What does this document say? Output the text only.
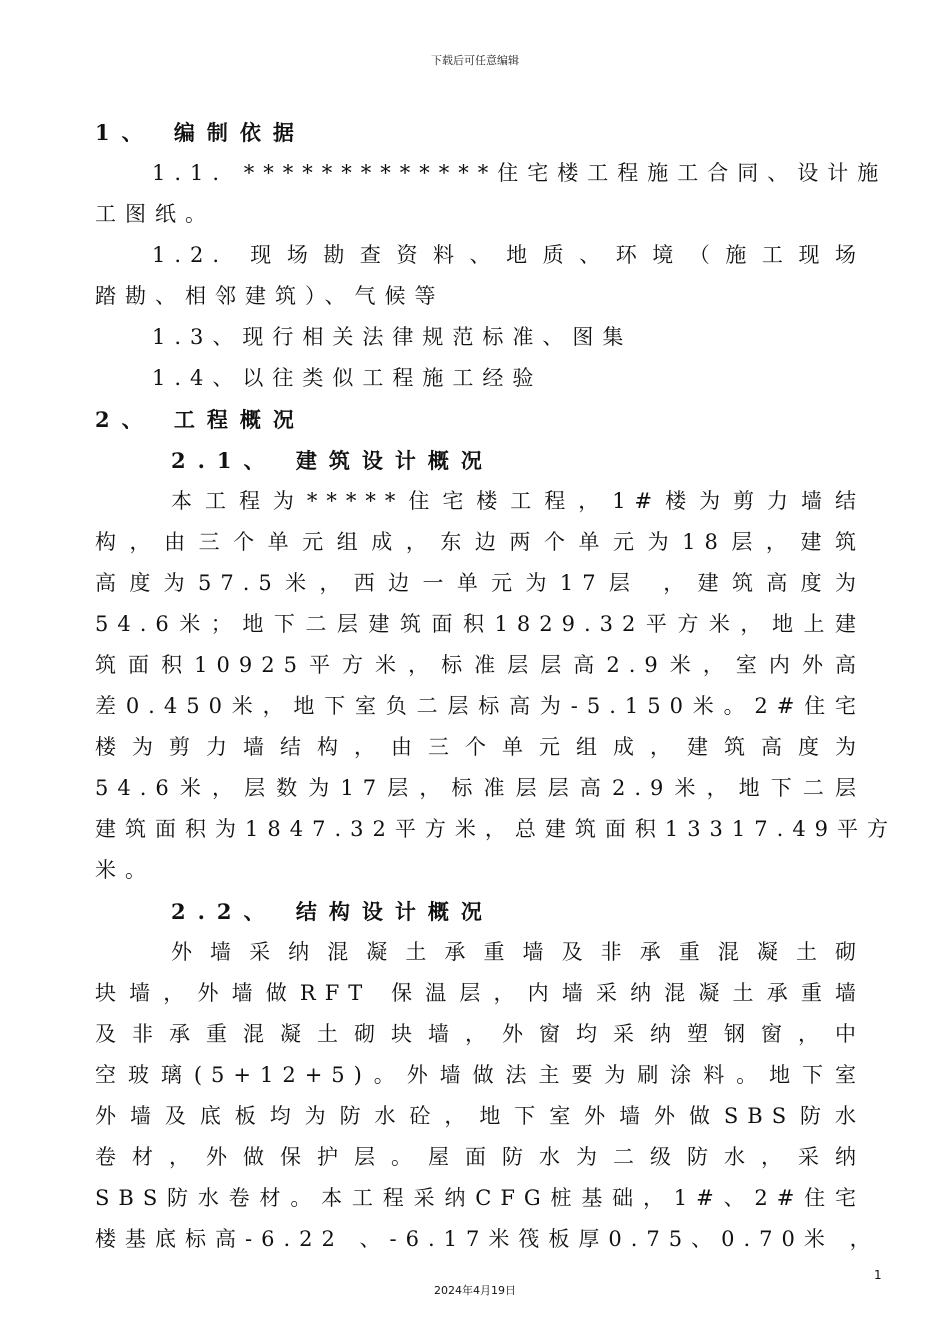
下载后可任意编辑
1、 编制依据
1.1. *************住宅楼工程施工合同、设计施
工图纸。
1.2. 现场勘查资料、地质、环境（施工现场
踏勘、相邻建筑）、气候等
1.3、现行相关法律规范标准、图集
1.4、以往类似工程施工经验
2、 工程概况
2.1、 建筑设计概况
本工程为*****住宅楼工程，1#楼为剪力墙结
构，由三个单元组成，东边两个单元为18层，建筑
高度为57.5米，西边一单元为17层 ，建筑高度为
54.6米；地下二层建筑面积1829.32平方米，地上建
筑面积10925平方米，标准层层高2.9米，室内外高
差0.450米，地下室负二层标高为-5.150米。2#住宅
楼为剪力墙结构，由三个单元组成，建筑高度为
54.6米，层数为17层，标准层层高2.9米，地下二层
建筑面积为1847.32平方米，总建筑面积13317.49平方
米。
2.2、 结构设计概况
外墙采纳混凝土承重墙及非承重混凝土砌
块墙，外墙做RFT 保温层，内墙采纳混凝土承重墙
及非承重混凝土砌块墙，外窗均采纳塑钢窗，中
空玻璃(5+12+5)。外墙做法主要为刷涂料。地下室
外墙及底板均为防水砼，地下室外墙外做SBS防水
卷材，外做保护层。屋面防水为二级防水，采纳
SBS防水卷材。本工程采纳CFG桩基础，1#、2#住宅
楼基底标高-6.22 、-6.17米筏板厚0.75、0.70米 ，
1
2024年4月19日
